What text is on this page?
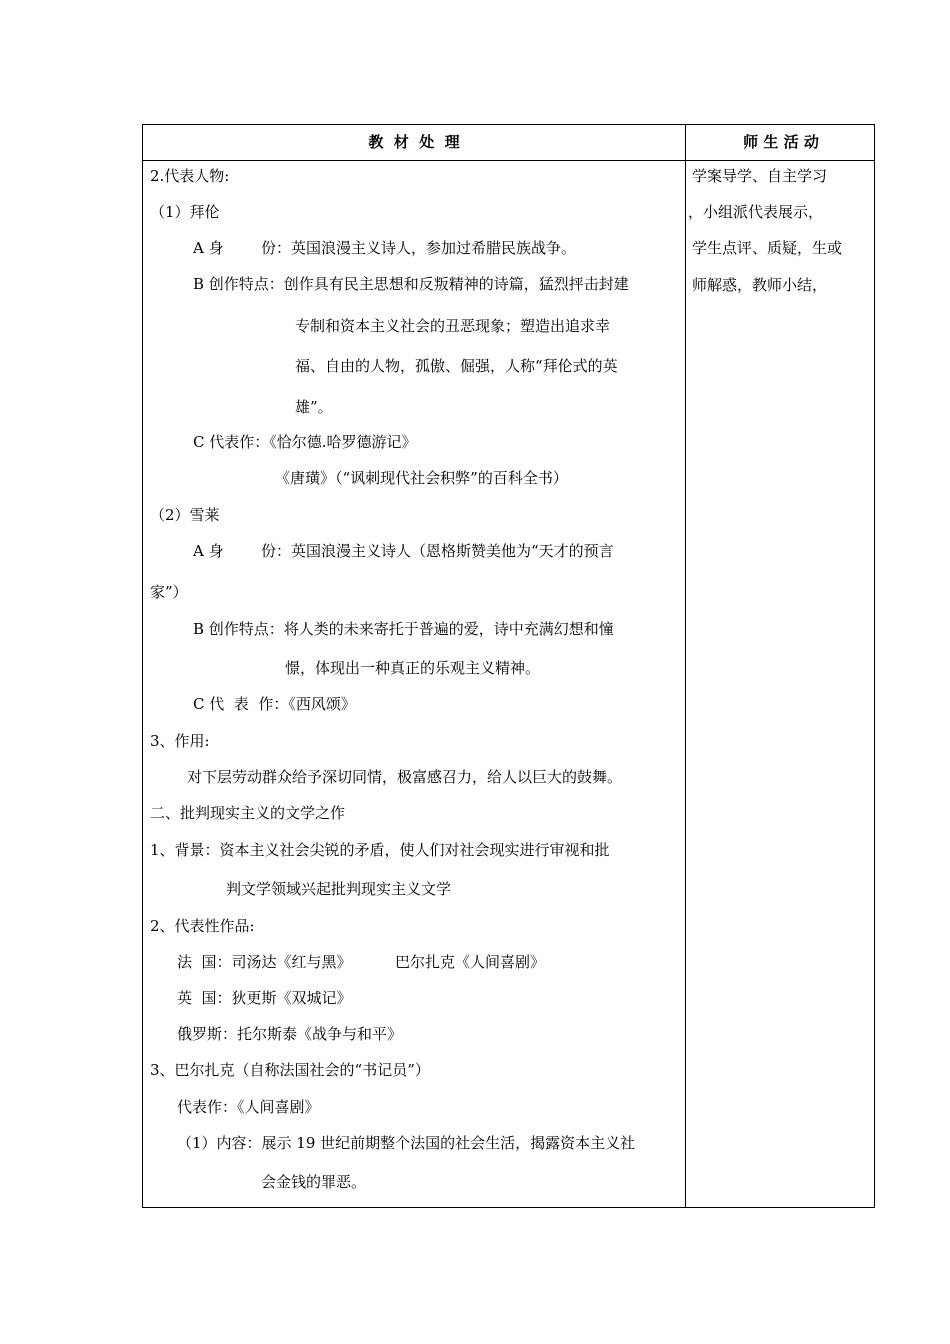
教  材  处  理	师 生 活 动
2.代表人物:
（1）拜伦
A 身 份：英国浪漫主义诗人，参加过希腊民族战争。
B 创作特点：创作具有民主思想和反叛精神的诗篇，猛烈抨击封建
专制和资本主义社会的丑恶现象；塑造出追求幸
福、自由的人物，孤傲、倔强，人称“拜伦式的英
雄”。
C 代表作：《恰尔德.哈罗德游记》
《唐璜》（“讽刺现代社会积弊”的百科全书）
（2）雪莱
A 身 份：英国浪漫主义诗人（恩格斯赞美他为“天才的预言
家”）
B 创作特点：将人类的未来寄托于普遍的爱，诗中充满幻想和憧
憬，体现出一种真正的乐观主义精神。
C 代  表  作：《西风颂》
3、作用:
对下层劳动群众给予深切同情，极富感召力，给人以巨大的鼓舞。
二、批判现实主义的文学之作
1、背景：资本主义社会尖锐的矛盾，使人们对社会现实进行审视和批
判文学领域兴起批判现实主义文学
2、代表性作品:
法  国：司汤达《红与黑》	巴尔扎克《人间喜剧》
英  国：狄更斯《双城记》
俄罗斯：托尔斯泰《战争与和平》
3、巴尔扎克（自称法国社会的“书记员”）
代表作：《人间喜剧》
（1）内容：展示 19 世纪前期整个法国的社会生活，揭露资本主义社
会金钱的罪恶。
学案导学、自主学习
，小组派代表展示，
学生点评、质疑，生或
师解惑，教师小结，
